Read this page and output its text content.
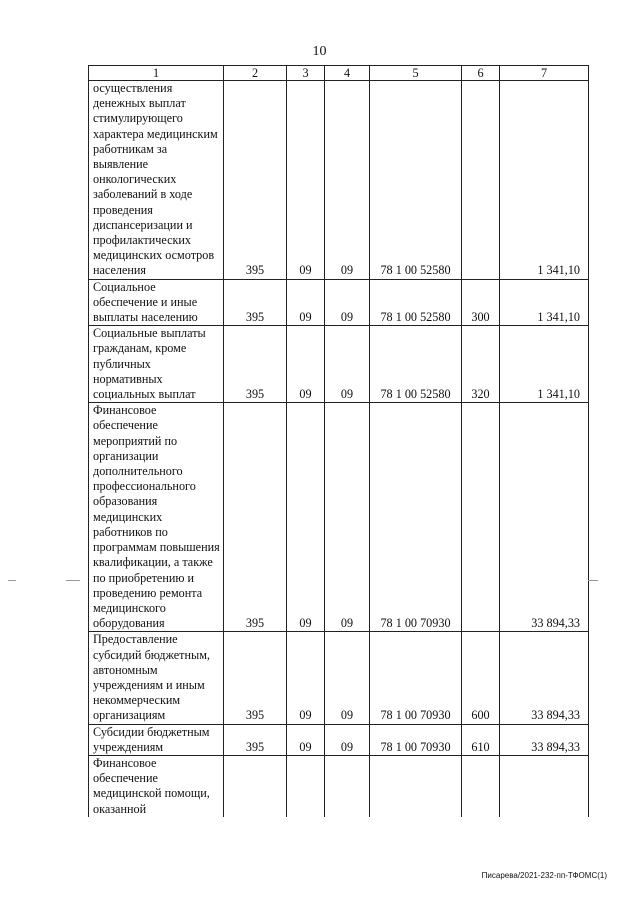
10
1	2	3	4	5	6	7
осуществления денежных выплат стимулирующего характера медицинским работникам за выявление онкологических заболеваний в ходе проведения диспансеризации и профилактических медицинских осмотров населения	395	09	09	78 1 00 52580		1 341,10
Социальное обеспечение и иные выплаты населению	395	09	09	78 1 00 52580	300	1 341,10
Социальные выплаты гражданам, кроме публичных нормативных социальных выплат	395	09	09	78 1 00 52580	320	1 341,10
Финансовое обеспечение мероприятий по организации дополнительного профессионального образования медицинских работников по программам повышения квалификации, а также по приобретению и проведению ремонта медицинского оборудования	395	09	09	78 1 00 70930		33 894,33
Предоставление субсидий бюджетным, автономным учреждениям и иным некоммерческим организациям	395	09	09	78 1 00 70930	600	33 894,33
Субсидии бюджетным учреждениям	395	09	09	78 1 00 70930	610	33 894,33
Финансовое обеспечение медицинской помощи, оказанной						
Писарева/2021-232-пп-ТФОМС(1)
